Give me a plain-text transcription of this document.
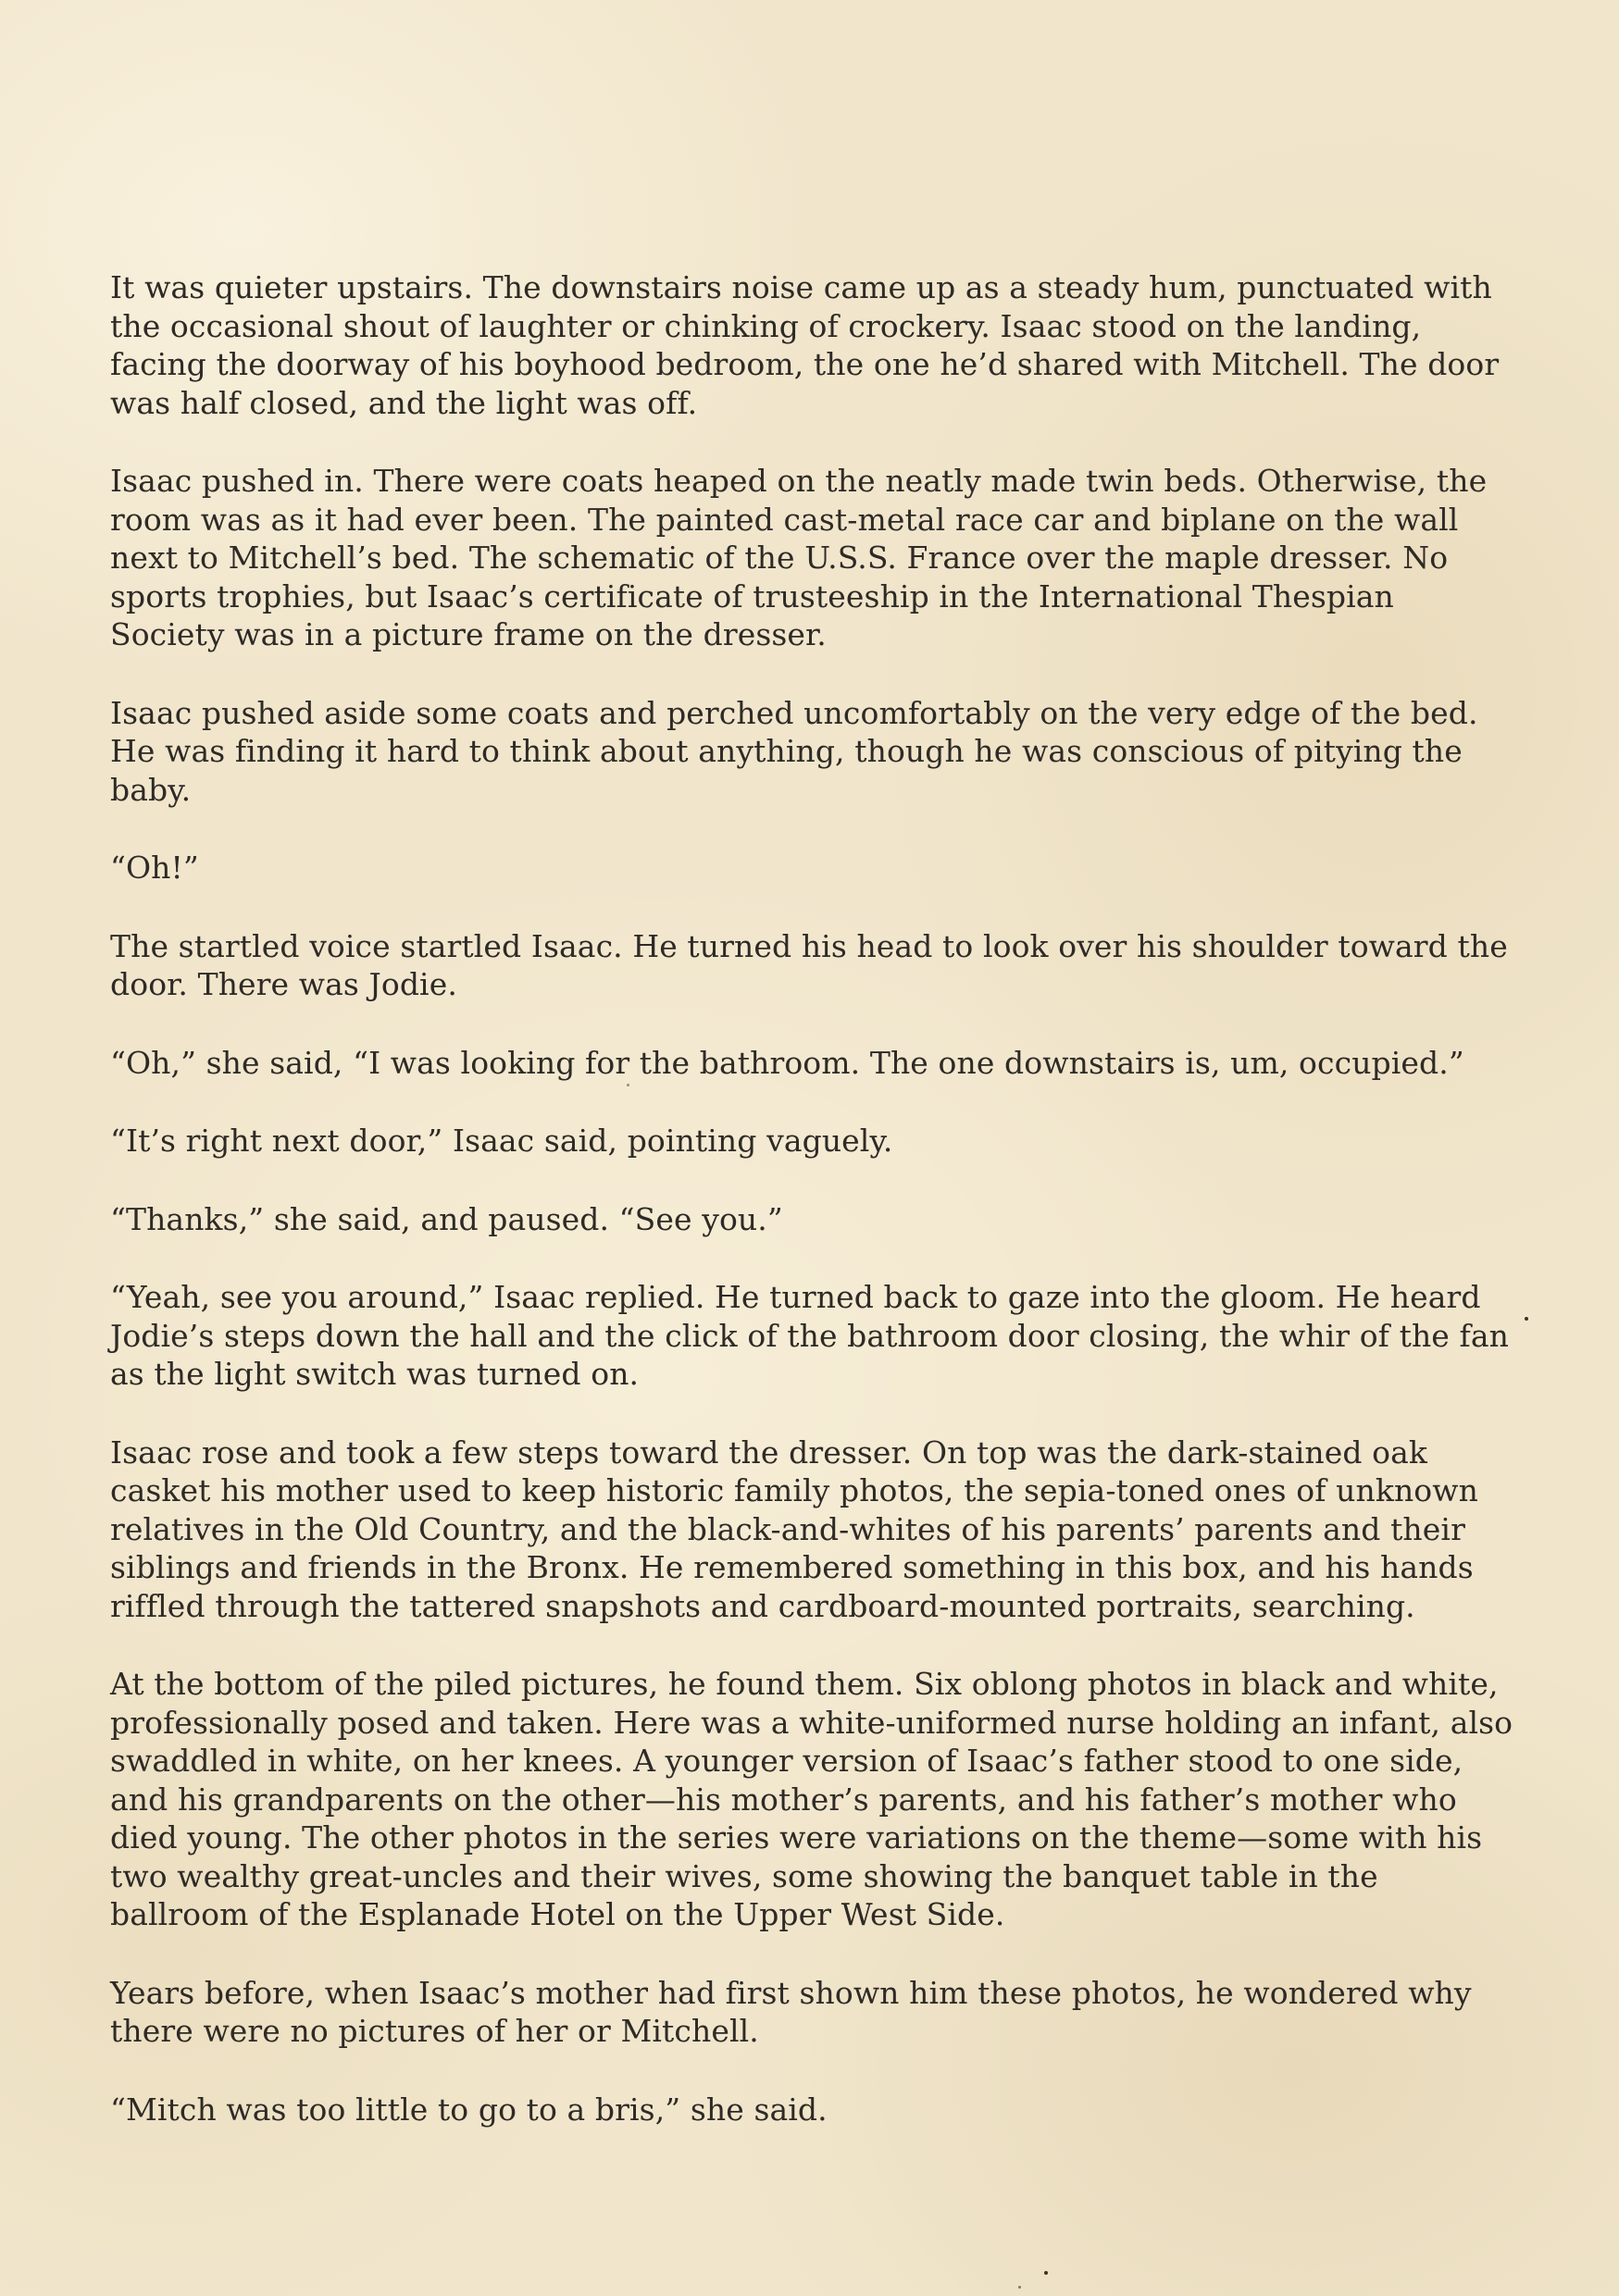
It was quieter upstairs. The downstairs noise came up as a steady hum, punctuated with the occasional shout of laughter or chinking of crockery. Isaac stood on the landing, facing the doorway of his boyhood bedroom, the one he’d shared with Mitchell. The door was half closed, and the light was off.

Isaac pushed in. There were coats heaped on the neatly made twin beds. Otherwise, the room was as it had ever been. The painted cast-metal race car and biplane on the wall next to Mitchell’s bed. The schematic of the U.S.S. France over the maple dresser. No sports trophies, but Isaac’s certificate of trusteeship in the International Thespian Society was in a picture frame on the dresser.

Isaac pushed aside some coats and perched uncomfortably on the very edge of the bed. He was finding it hard to think about anything, though he was conscious of pitying the baby.

“Oh!”

The startled voice startled Isaac. He turned his head to look over his shoulder toward the door. There was Jodie.

“Oh,” she said, “I was looking for the bathroom. The one downstairs is, um, occupied.”

“It’s right next door,” Isaac said, pointing vaguely.

“Thanks,” she said, and paused. “See you.”

“Yeah, see you around,” Isaac replied. He turned back to gaze into the gloom. He heard Jodie’s steps down the hall and the click of the bathroom door closing, the whir of the fan as the light switch was turned on.

Isaac rose and took a few steps toward the dresser. On top was the dark-stained oak casket his mother used to keep historic family photos, the sepia-toned ones of unknown relatives in the Old Country, and the black-and-whites of his parents’ parents and their siblings and friends in the Bronx. He remembered something in this box, and his hands riffled through the tattered snapshots and cardboard-mounted portraits, searching.

At the bottom of the piled pictures, he found them. Six oblong photos in black and white, professionally posed and taken. Here was a white-uniformed nurse holding an infant, also swaddled in white, on her knees. A younger version of Isaac’s father stood to one side, and his grandparents on the other—his mother’s parents, and his father’s mother who died young. The other photos in the series were variations on the theme—some with his two wealthy great-uncles and their wives, some showing the banquet table in the ballroom of the Esplanade Hotel on the Upper West Side.

Years before, when Isaac’s mother had first shown him these photos, he wondered why there were no pictures of her or Mitchell.

“Mitch was too little to go to a bris,” she said.
